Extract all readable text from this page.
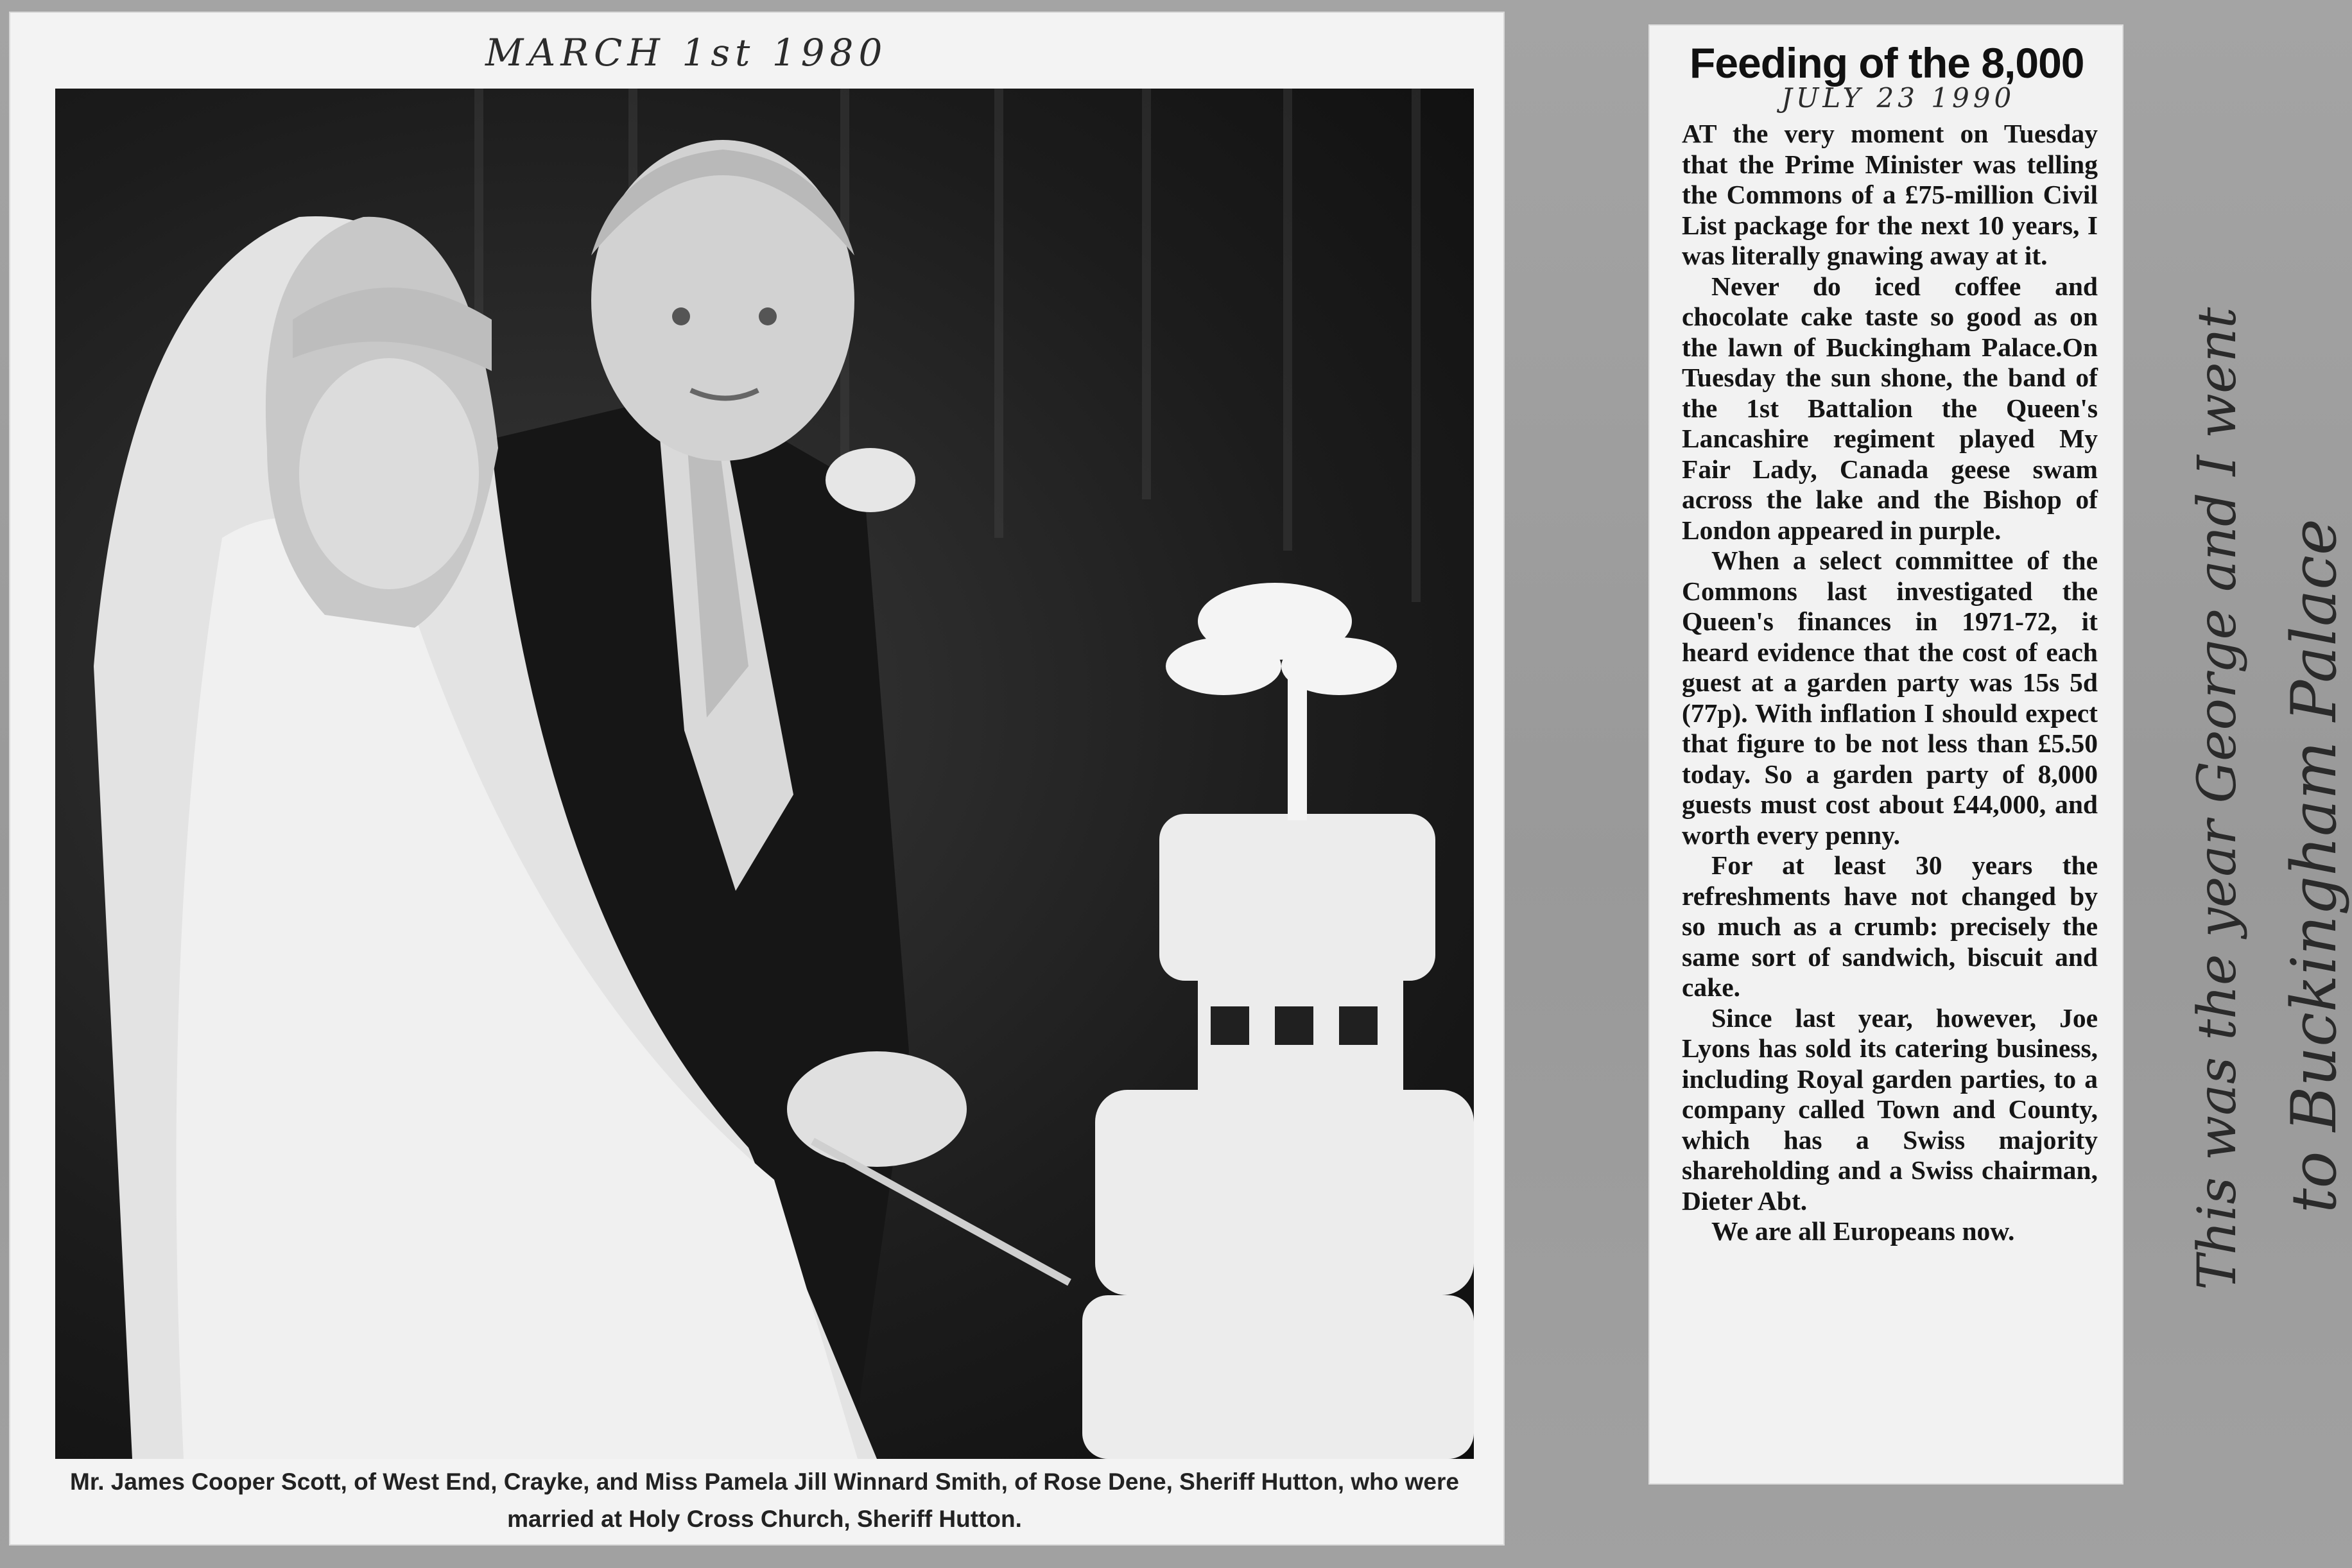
MARCH 1st 1980
Mr. James Cooper Scott, of West End, Crayke, and Miss Pamela Jill Winnard Smith, of Rose Dene, Sheriff Hutton, who were married at Holy Cross Church, Sheriff Hutton.
Feeding of the 8,000
JULY 23 1990

AT the very moment on Tuesday that the Prime Minister was telling the Commons of a £75-million Civil List package for the next 10 years, I was literally gnawing away at it.

Never do iced coffee and chocolate cake taste so good as on the lawn of Buckingham Palace.On Tuesday the sun shone, the band of the 1st Battalion the Queen's Lancashire regiment played My Fair Lady, Canada geese swam across the lake and the Bishop of London appeared in purple.

When a select committee of the Commons last investigated the Queen's finances in 1971-72, it heard evidence that the cost of each guest at a garden party was 15s 5d (77p). With inflation I should expect that figure to be not less than £5.50 today. So a garden party of 8,000 guests must cost about £44,000, and worth every penny.

For at least 30 years the refreshments have not changed by so much as a crumb: precisely the same sort of sandwich, biscuit and cake.

Since last year, however, Joe Lyons has sold its catering business, including Royal garden parties, to a company called Town and County, which has a Swiss majority shareholding and a Swiss chairman, Dieter Abt.

We are all Europeans now.	This was the year George and I went to Buckingham Palace
